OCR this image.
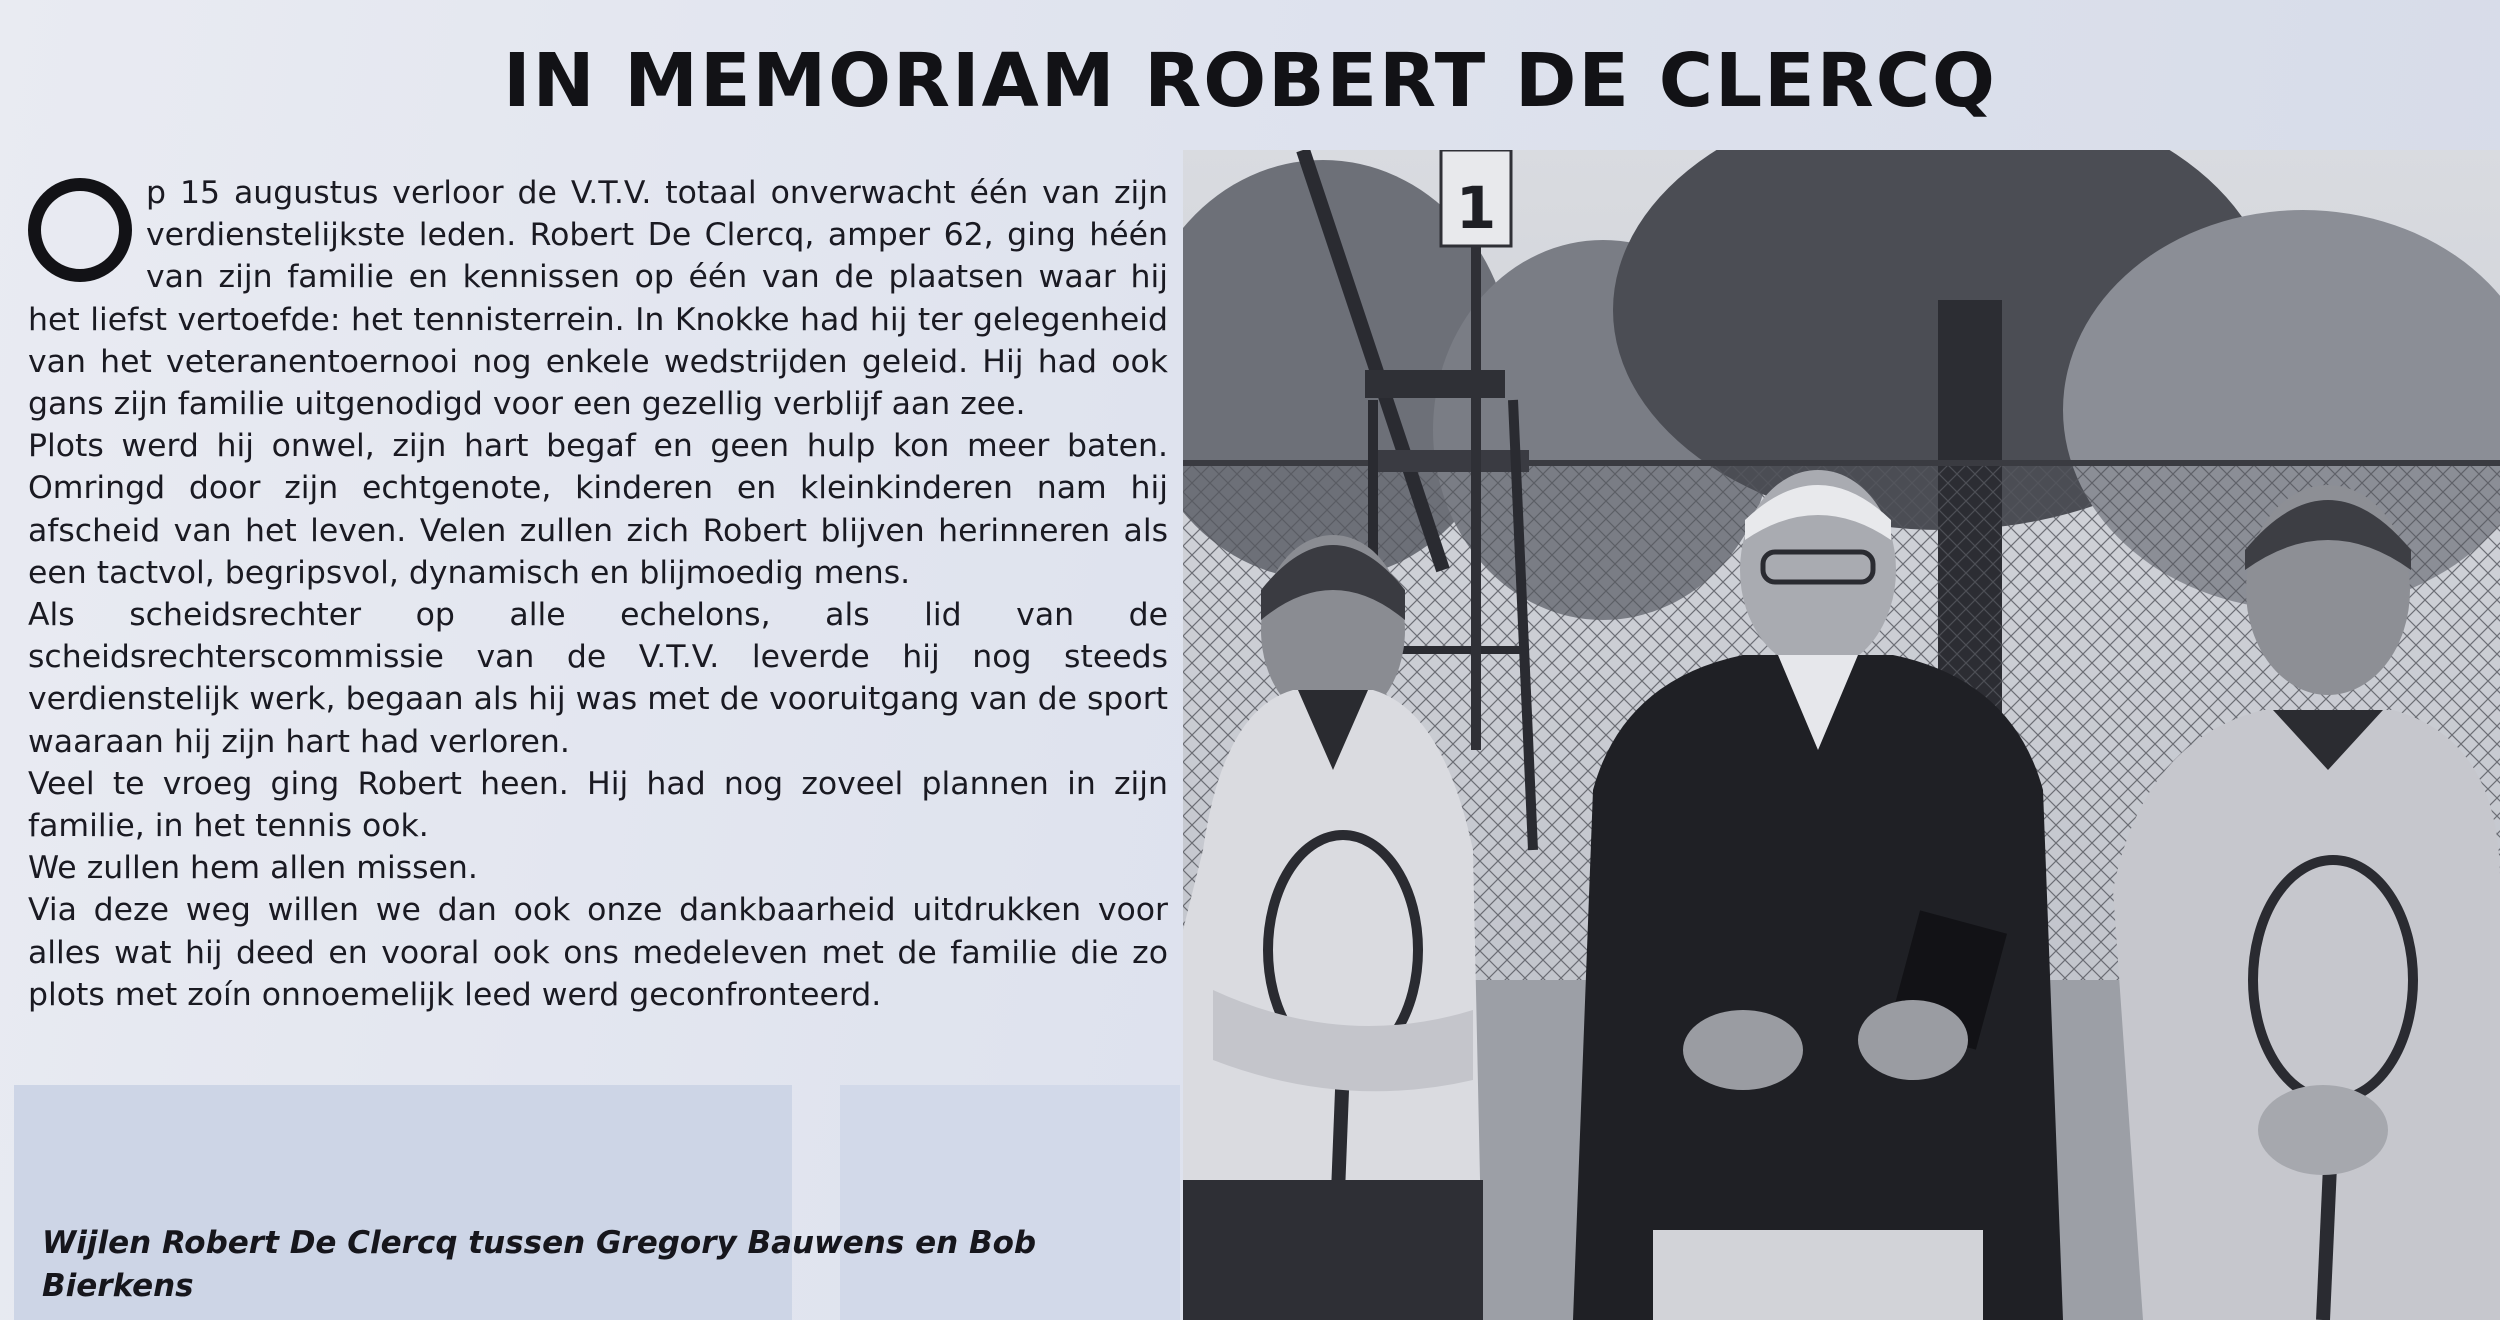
IN MEMORIAM ROBERT DE CLERCQ

p 15 augustus verloor de V.T.V. totaal onverwacht één van zijn verdienstelijkste leden. Robert De Clercq, amper 62, ging héén van zijn familie en kennissen op één van de plaatsen waar hij het liefst vertoefde: het tennisterrein. In Knokke had hij ter gelegenheid van het veteranentoernooi nog enkele wedstrijden geleid. Hij had ook gans zijn familie uitgenodigd voor een gezellig verblijf aan zee.

Plots werd hij onwel, zijn hart begaf en geen hulp kon meer baten. Omringd door zijn echtgenote, kinderen en kleinkinderen nam hij afscheid van het leven. Velen zullen zich Robert blijven herinneren als een tactvol, begripsvol, dynamisch en blijmoedig mens.

Als scheidsrechter op alle echelons, als lid van de scheidsrechterscommissie van de V.T.V. leverde hij nog steeds verdienstelijk werk, begaan als hij was met de vooruitgang van de sport waaraan hij zijn hart had verloren.

Veel te vroeg ging Robert heen. Hij had nog zoveel plannen in zijn familie, in het tennis ook.

We zullen hem allen missen.

Via deze weg willen we dan ook onze dankbaarheid uitdrukken voor alles wat hij deed en vooral ook ons medeleven met de familie die zo plots met zoín onnoemelijk leed werd geconfronteerd.

Wijlen Robert De Clercq tussen Gregory Bauwens en Bob Bierkens
1
